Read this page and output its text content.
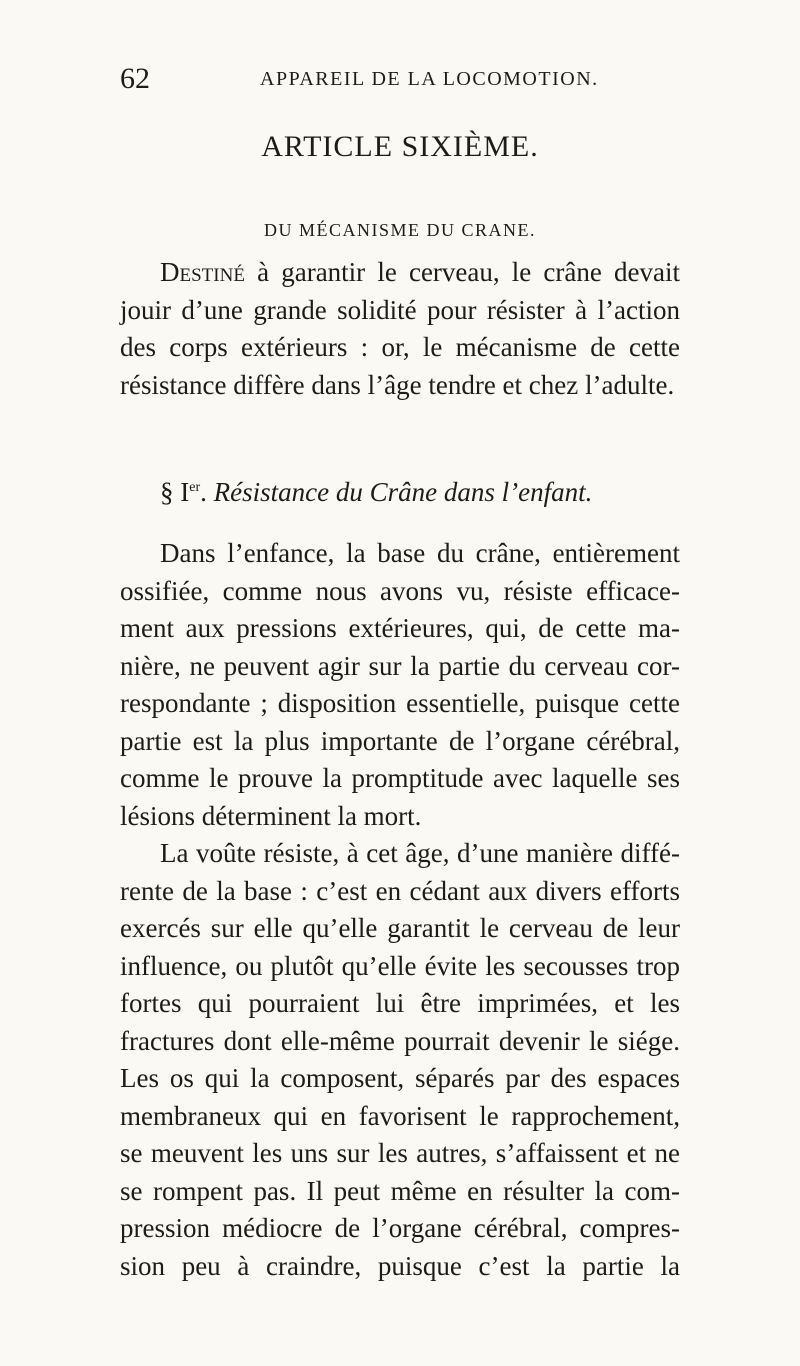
62	APPAREIL DE LA LOCOMOTION.
ARTICLE SIXIÈME.
DU MÉCANISME DU CRANE.
Destiné à garantir le cerveau, le crâne devait
jouir d’une grande solidité pour résister à l’action
des corps extérieurs : or, le mécanisme de cette
résistance diffère dans l’âge tendre et chez l’adulte.
§ Ier. Résistance du Crâne dans l’enfant.
Dans l’enfance, la base du crâne, entièrement
ossifiée, comme nous avons vu, résiste efficace-
ment aux pressions extérieures, qui, de cette ma-
nière, ne peuvent agir sur la partie du cerveau cor-
respondante ; disposition essentielle, puisque cette
partie est la plus importante de l’organe cérébral,
comme le prouve la promptitude avec laquelle ses
lésions déterminent la mort.
La voûte résiste, à cet âge, d’une manière diffé-
rente de la base : c’est en cédant aux divers efforts
exercés sur elle qu’elle garantit le cerveau de leur
influence, ou plutôt qu’elle évite les secousses trop
fortes qui pourraient lui être imprimées, et les
fractures dont elle-même pourrait devenir le siége.
Les os qui la composent, séparés par des espaces
membraneux qui en favorisent le rapprochement,
se meuvent les uns sur les autres, s’affaissent et ne
se rompent pas. Il peut même en résulter la com-
pression médiocre de l’organe cérébral, compres-
sion peu à craindre, puisque c’est la partie la
